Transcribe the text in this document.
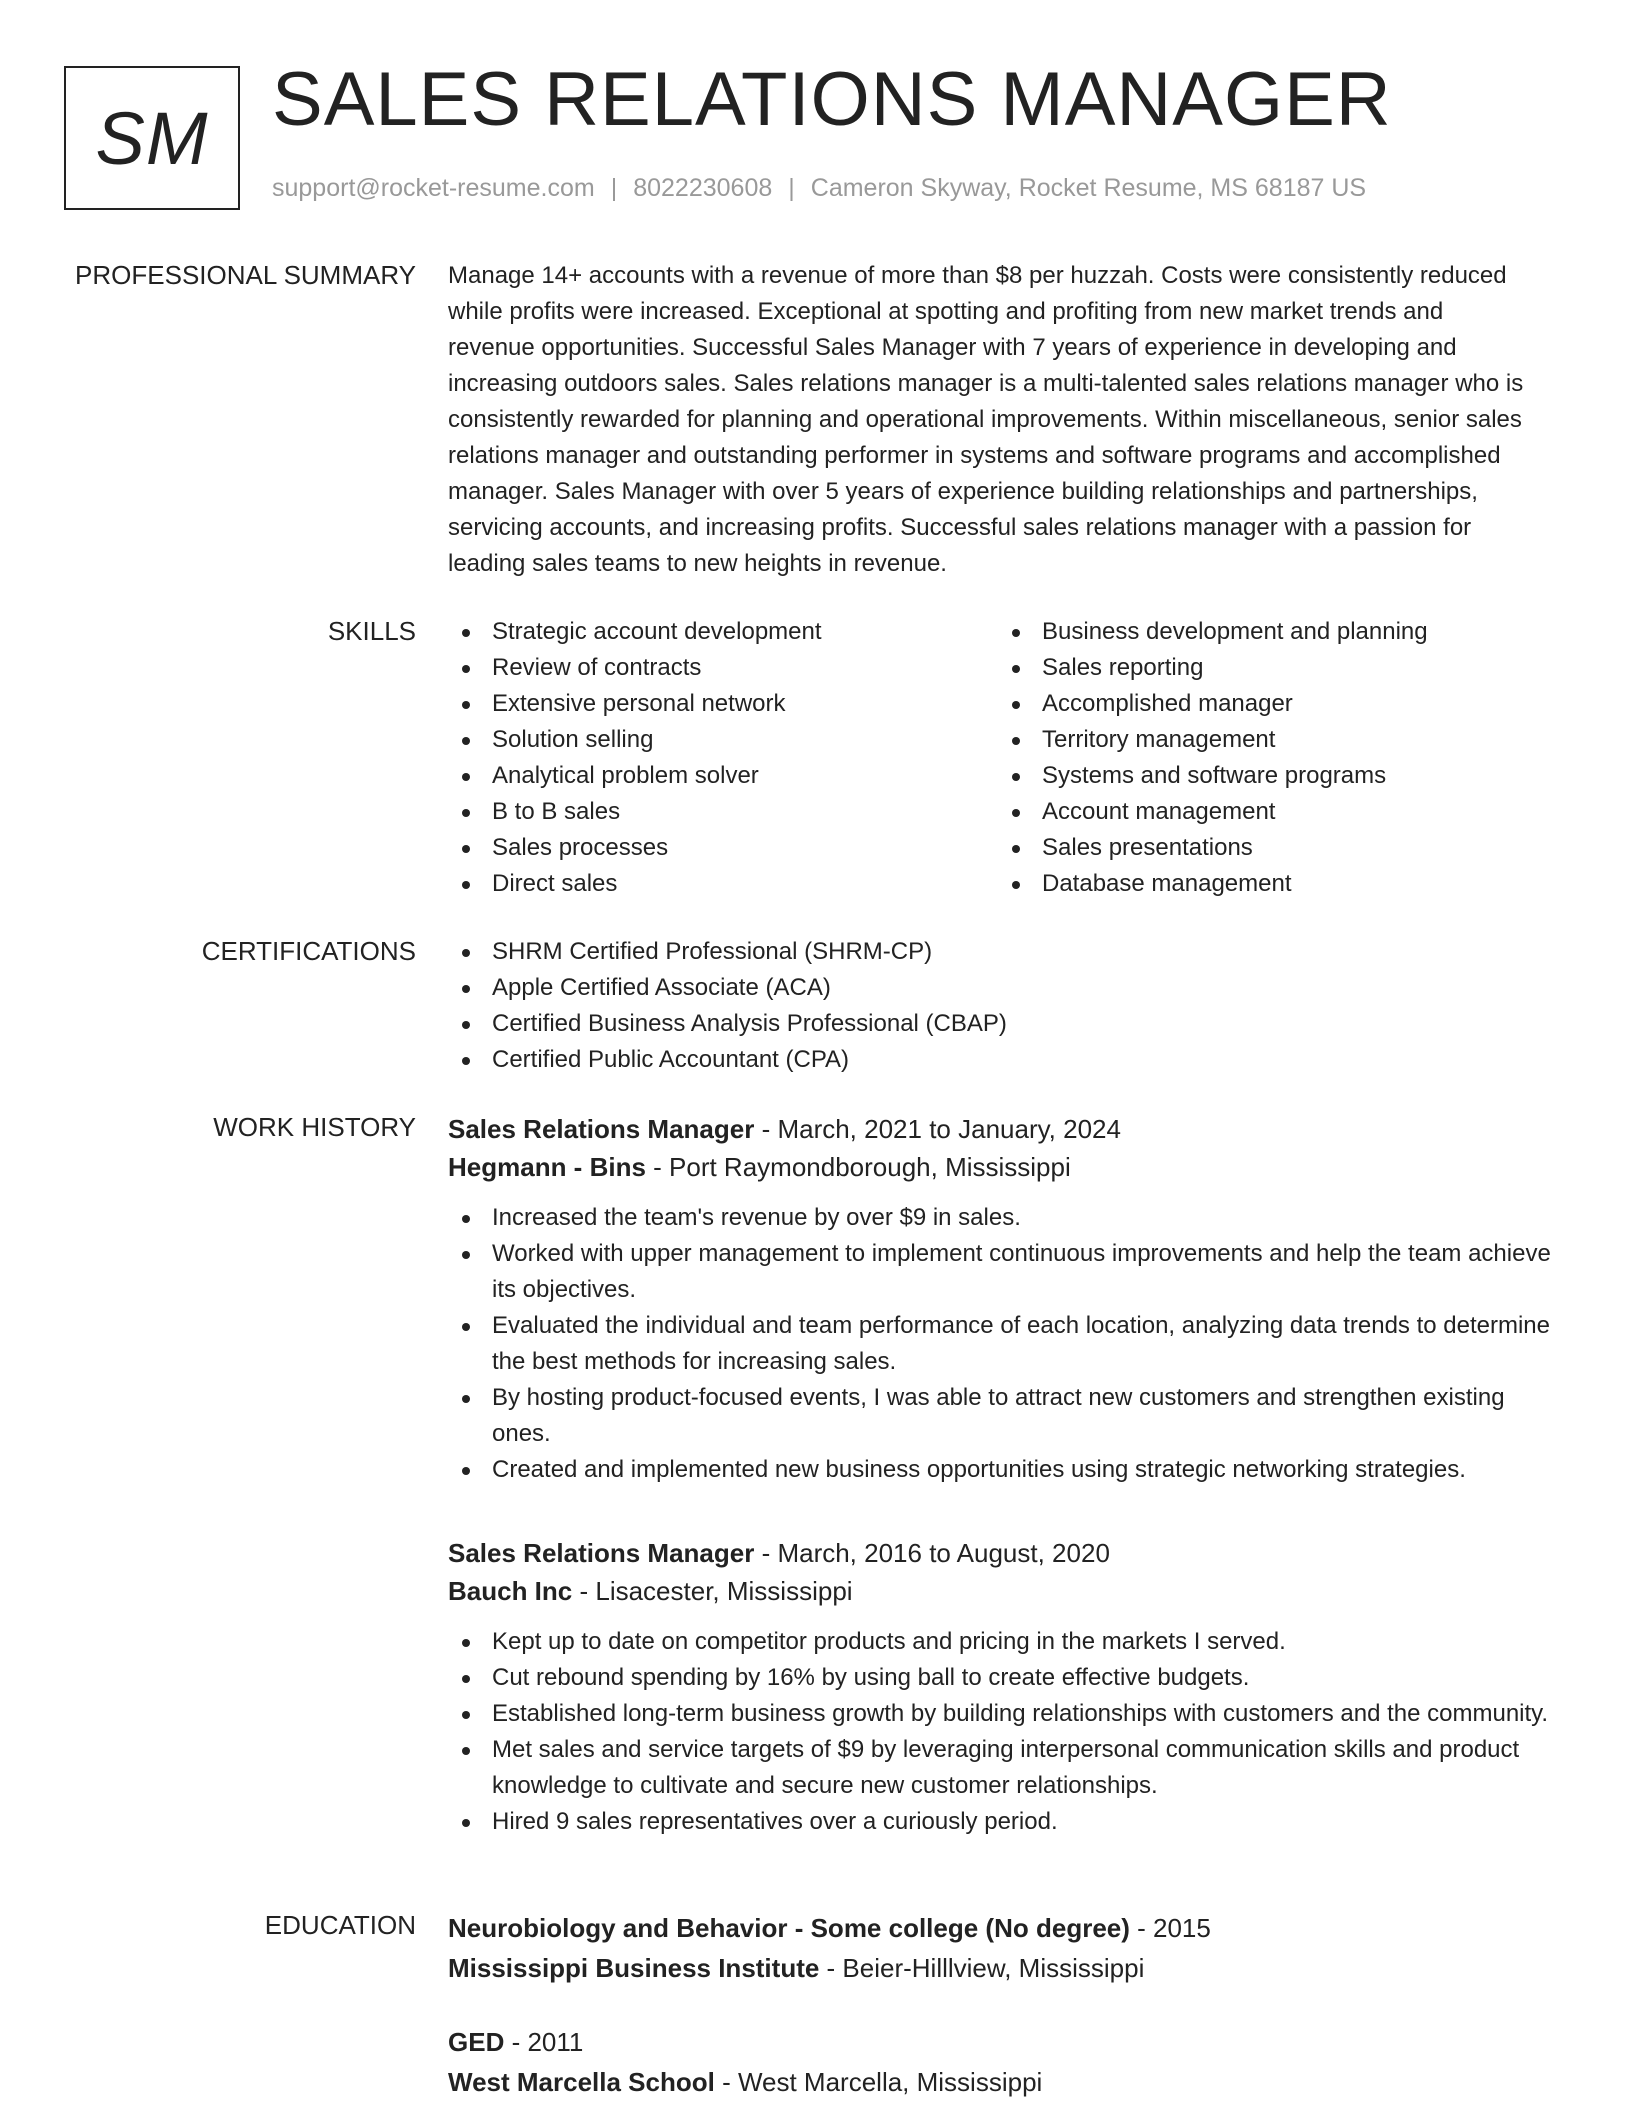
SM SALES RELATIONS MANAGER
support@rocket-resume.com | 8022230608 | Cameron Skyway, Rocket Resume, MS 68187 US
PROFESSIONAL SUMMARY Manage 14+ accounts with a revenue of more than $8 per huzzah. Costs were consistently reduced

while profits were increased. Exceptional at spotting and profiting from new market trends and

revenue opportunities. Successful Sales Manager with 7 years of experience in developing and

increasing outdoors sales. Sales relations manager is a multi-talented sales relations manager who is

consistently rewarded for planning and operational improvements. Within miscellaneous, senior sales

relations manager and outstanding performer in systems and software programs and accomplished

manager. Sales Manager with over 5 years of experience building relationships and partnerships,

servicing accounts, and increasing profits. Successful sales relations manager with a passion for

leading sales teams to new heights in revenue.

SKILLS	Strategic account development
Review of contracts
Extensive personal network
Solution selling
Analytical problem solver
B to B sales
Sales processes
Direct sales
Business development and planning
Sales reporting
Accomplished manager
Territory management
Systems and software programs
Account management
Sales presentations
Database management
CERTIFICATIONS	SHRM Certified Professional (SHRM-CP)
Apple Certified Associate (ACA)
Certified Business Analysis Professional (CBAP)
Certified Public Accountant (CPA)
WORK HISTORY Sales Relations Manager - March, 2021 to January, 2024
Hegmann - Bins - Port Raymondborough, Mississippi
Increased the team's revenue by over $9 in sales.
Worked with upper management to implement continuous improvements and help the team achieve its objectives.
Evaluated the individual and team performance of each location, analyzing data trends to determine the best methods for increasing sales.
By hosting product-focused events, I was able to attract new customers and strengthen existing ones.
Created and implemented new business opportunities using strategic networking strategies.
Sales Relations Manager - March, 2016 to August, 2020
Bauch Inc - Lisacester, Mississippi
Kept up to date on competitor products and pricing in the markets I served.
Cut rebound spending by 16% by using ball to create effective budgets.
Established long-term business growth by building relationships with customers and the community.
Met sales and service targets of $9 by leveraging interpersonal communication skills and product knowledge to cultivate and secure new customer relationships.
Hired 9 sales representatives over a curiously period.
EDUCATION Neurobiology and Behavior - Some college (No degree) - 2015
Mississippi Business Institute - Beier-Hilllview, Mississippi
GED - 2011
West Marcella School - West Marcella, Mississippi
